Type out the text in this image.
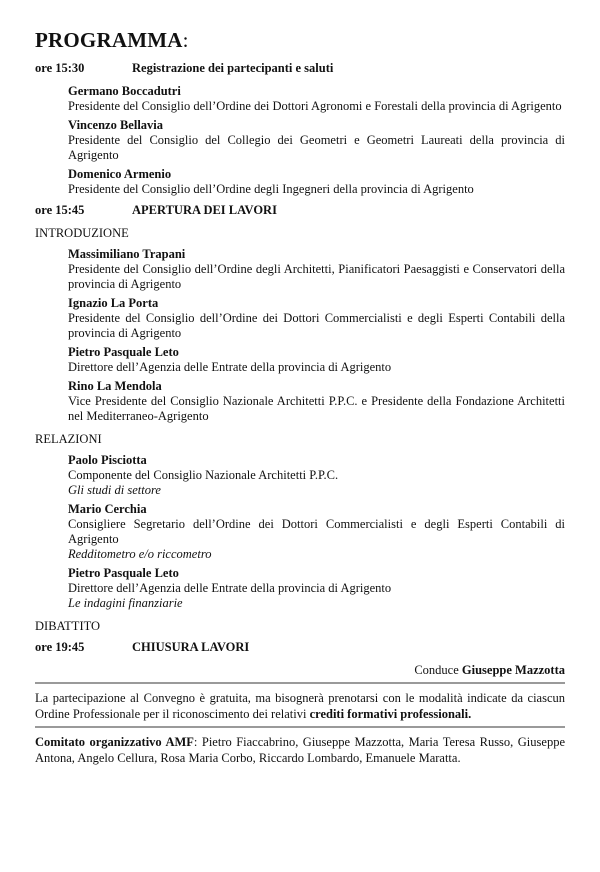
PROGRAMMA:
ore 15:30	Registrazione dei partecipanti e saluti
Germano Boccadutri
Presidente del Consiglio dell’Ordine dei Dottori Agronomi e Forestali della provincia di Agrigento
Vincenzo Bellavia
Presidente del Consiglio del Collegio dei Geometri e Geometri Laureati della provincia di Agrigento
Domenico Armenio
Presidente del Consiglio dell’Ordine degli Ingegneri della provincia di Agrigento
ore 15:45	APERTURA DEI LAVORI
INTRODUZIONE
Massimiliano Trapani
Presidente del Consiglio dell’Ordine degli Architetti, Pianificatori Paesaggisti e Conservatori della provincia di Agrigento
Ignazio La Porta
Presidente del Consiglio dell’Ordine dei Dottori Commercialisti e degli Esperti Contabili della provincia di Agrigento
Pietro Pasquale Leto
Direttore dell’Agenzia delle Entrate della provincia di Agrigento
Rino La Mendola
Vice Presidente del Consiglio Nazionale Architetti P.P.C. e Presidente della Fondazione Architetti nel Mediterraneo-Agrigento
RELAZIONI
Paolo Pisciotta
Componente del Consiglio Nazionale Architetti P.P.C.
Gli studi di settore
Mario Cerchia
Consigliere Segretario dell’Ordine dei Dottori Commercialisti e degli Esperti Contabili di Agrigento
Redditometro e/o riccometro
Pietro Pasquale Leto
Direttore dell’Agenzia delle Entrate della provincia di Agrigento
Le indagini finanziarie
DIBATTITO
ore 19:45	CHIUSURA LAVORI
Conduce Giuseppe Mazzotta
La partecipazione al Convegno è gratuita, ma bisognerà prenotarsi con le modalità indicate da ciascun Ordine Professionale per il riconoscimento dei relativi crediti formativi professionali.
Comitato organizzativo AMF: Pietro Fiaccabrino, Giuseppe Mazzotta, Maria Teresa Russo, Giuseppe Antona, Angelo Cellura, Rosa Maria Corbo, Riccardo Lombardo, Emanuele Maratta.
